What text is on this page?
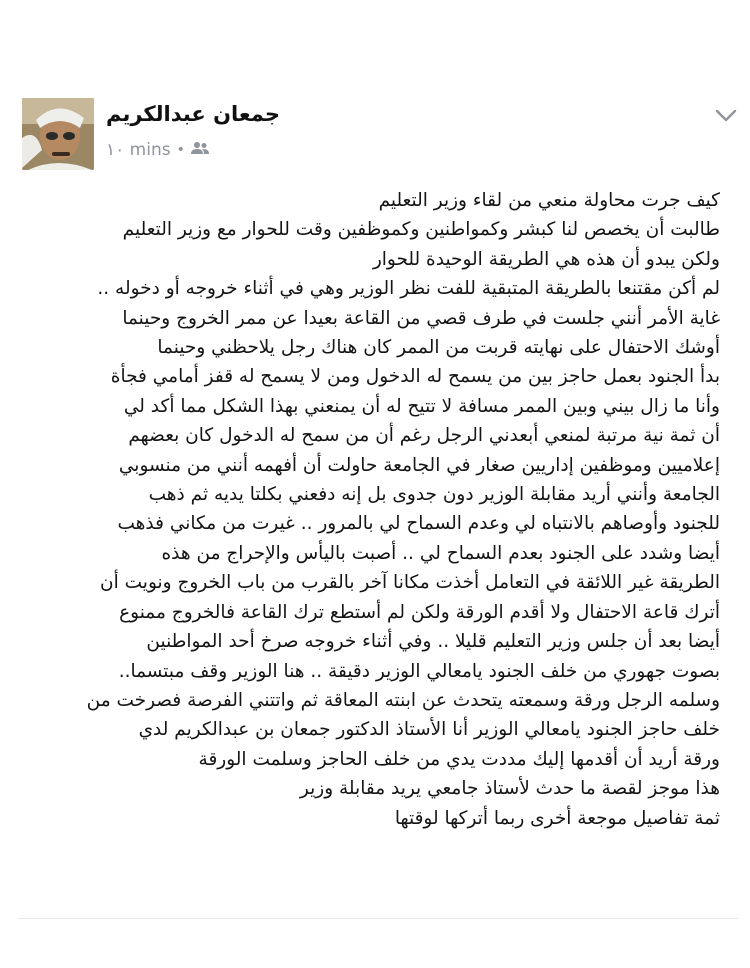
جمعان عبدالكريم
١٠ mins •
كيف جرت محاولة منعي من لقاء وزير التعليم
طالبت أن يخصص لنا كبشر وكمواطنين وكموظفين وقت للحوار مع وزير التعليم
ولكن يبدو أن هذه هي الطريقة الوحيدة للحوار
لم أكن مقتنعا بالطريقة المتبقية للفت نظر الوزير وهي في أثناء خروجه أو دخوله ..
غاية الأمر أنني جلست في طرف قصي من القاعة بعيدا عن ممر الخروج وحينما
أوشك الاحتفال على نهايته قربت من الممر كان هناك رجل يلاحظني وحينما
بدأ الجنود بعمل حاجز بين من يسمح له الدخول ومن لا يسمح له قفز أمامي فجأة
وأنا ما زال بيني وبين الممر مسافة لا تتيح له أن يمنعني بهذا الشكل مما أكد لي
أن ثمة نية مرتبة لمنعي أبعدني الرجل رغم أن من سمح له الدخول كان بعضهم
إعلاميين وموظفين إداريين صغار في الجامعة حاولت أن أفهمه أنني من منسوبي
الجامعة وأنني أريد مقابلة الوزير دون جدوى بل إنه دفعني بكلتا يديه ثم ذهب
للجنود وأوصاهم بالانتباه لي وعدم السماح لي بالمرور .. غيرت من مكاني فذهب
أيضا وشدد على الجنود بعدم السماح لي .. أصبت باليأس والإحراج من هذه
الطريقة غير اللائقة في التعامل أخذت مكانا آخر بالقرب من باب الخروج ونويت أن
أترك قاعة الاحتفال ولا أقدم الورقة ولكن لم أستطع ترك القاعة فالخروج ممنوع
أيضا بعد أن جلس وزير التعليم قليلا .. وفي أثناء خروجه صرخ أحد المواطنين
بصوت جهوري من خلف الجنود يامعالي الوزير دقيقة .. هنا الوزير وقف مبتسما..
وسلمه الرجل ورقة وسمعته يتحدث عن ابنته المعاقة ثم واتتني الفرصة فصرخت من
خلف حاجز الجنود يامعالي الوزير أنا الأستاذ الدكتور جمعان بن عبدالكريم لدي
ورقة أريد أن أقدمها إليك مددت يدي من خلف الحاجز وسلمت الورقة
هذا موجز لقصة ما حدث لأستاذ جامعي يريد مقابلة وزير
ثمة تفاصيل موجعة أخرى ربما أتركها لوقتها
